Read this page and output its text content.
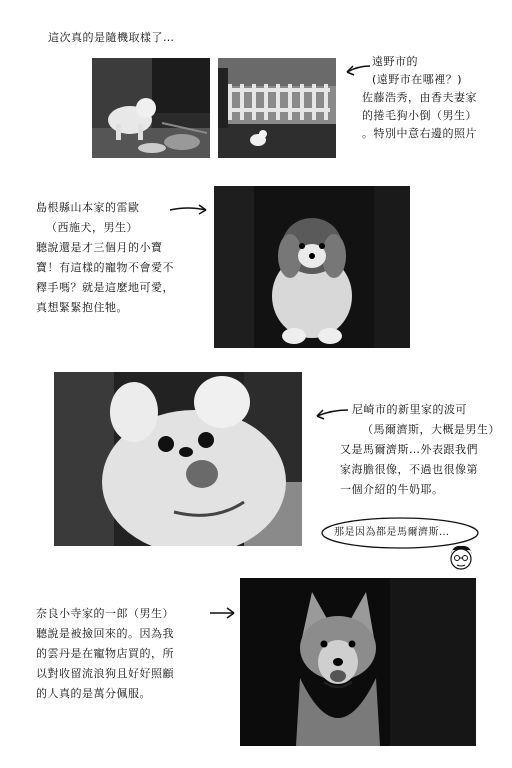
這次真的是隨機取樣了…
遠野市的
(遠野市在哪裡？)
佐藤浩秀，由香夫妻家
的捲毛狗小倒（男生）
。特別中意右邊的照片
島根縣山本家的雷歐
（西施犬，男生）
聽說還是才三個月的小寶
寶！有這樣的寵物不會愛不
釋手嗎？就是這麼地可愛，
真想緊緊抱住牠。
尼崎市的新里家的波可
（馬爾濟斯，大概是男生）
又是馬爾濟斯…外表跟我們
家海膽很像，不過也很像第
一個介紹的牛奶耶。
那是因為都是馬爾濟斯…
奈良小寺家的一郎（男生）
聽說是被撿回來的。因為我
的雲丹是在寵物店買的，所
以對收留流浪狗且好好照顧
的人真的是萬分佩服。
